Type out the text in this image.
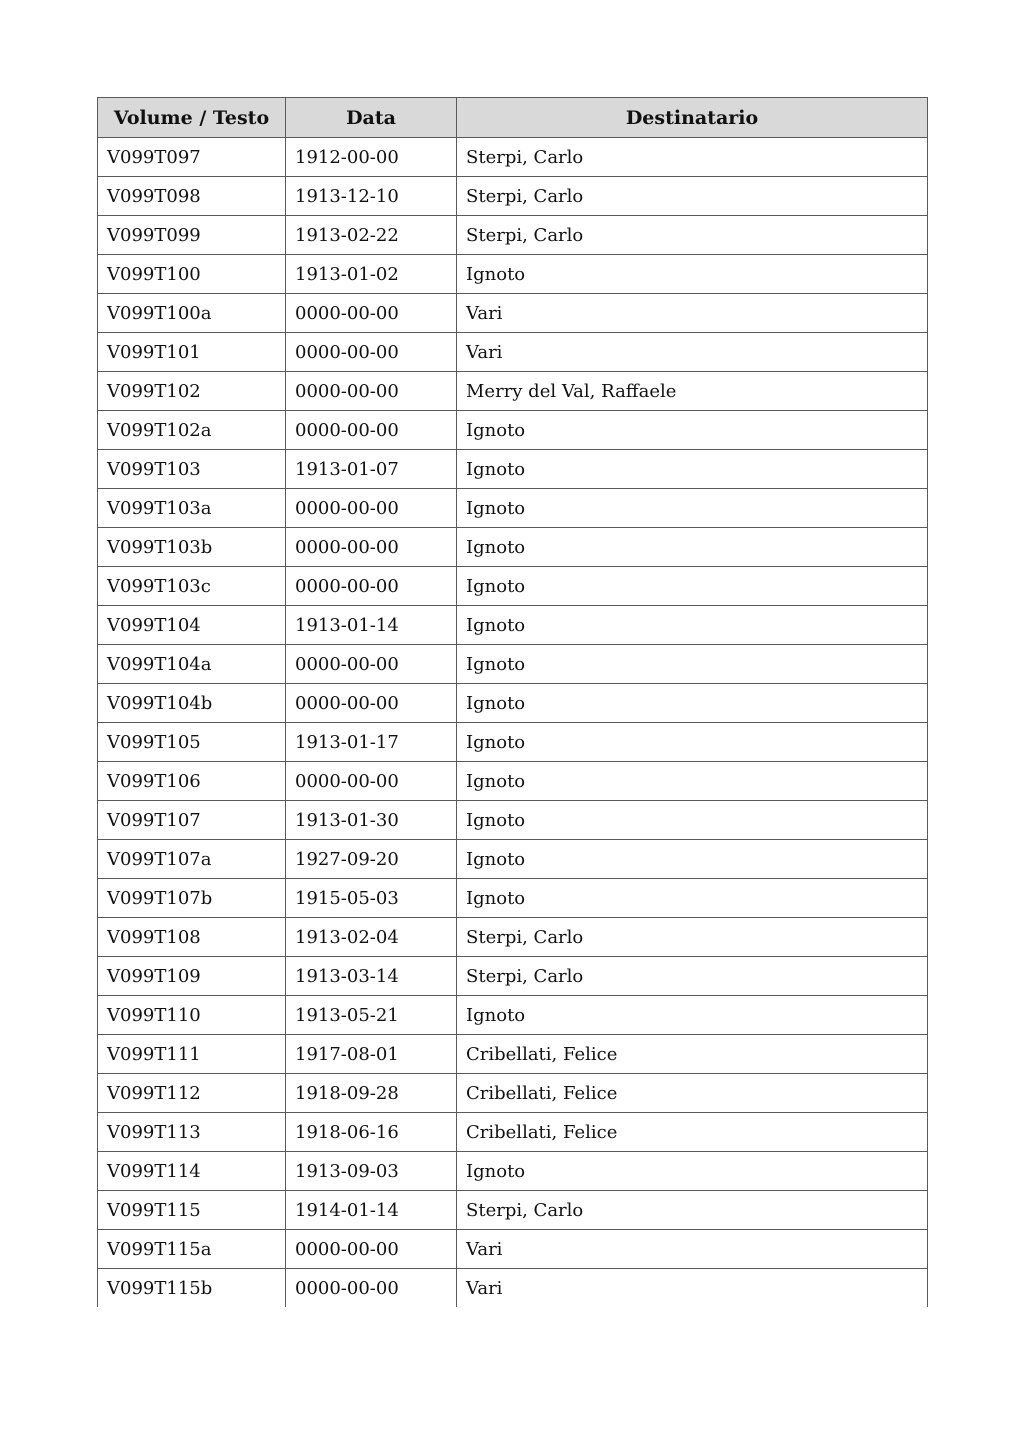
Volume / Testo	Data	Destinatario
V099T097	1912-00-00	Sterpi, Carlo
V099T098	1913-12-10	Sterpi, Carlo
V099T099	1913-02-22	Sterpi, Carlo
V099T100	1913-01-02	Ignoto
V099T100a	0000-00-00	Vari
V099T101	0000-00-00	Vari
V099T102	0000-00-00	Merry del Val, Raffaele
V099T102a	0000-00-00	Ignoto
V099T103	1913-01-07	Ignoto
V099T103a	0000-00-00	Ignoto
V099T103b	0000-00-00	Ignoto
V099T103c	0000-00-00	Ignoto
V099T104	1913-01-14	Ignoto
V099T104a	0000-00-00	Ignoto
V099T104b	0000-00-00	Ignoto
V099T105	1913-01-17	Ignoto
V099T106	0000-00-00	Ignoto
V099T107	1913-01-30	Ignoto
V099T107a	1927-09-20	Ignoto
V099T107b	1915-05-03	Ignoto
V099T108	1913-02-04	Sterpi, Carlo
V099T109	1913-03-14	Sterpi, Carlo
V099T110	1913-05-21	Ignoto
V099T111	1917-08-01	Cribellati, Felice
V099T112	1918-09-28	Cribellati, Felice
V099T113	1918-06-16	Cribellati, Felice
V099T114	1913-09-03	Ignoto
V099T115	1914-01-14	Sterpi, Carlo
V099T115a	0000-00-00	Vari
V099T115b	0000-00-00	Vari
